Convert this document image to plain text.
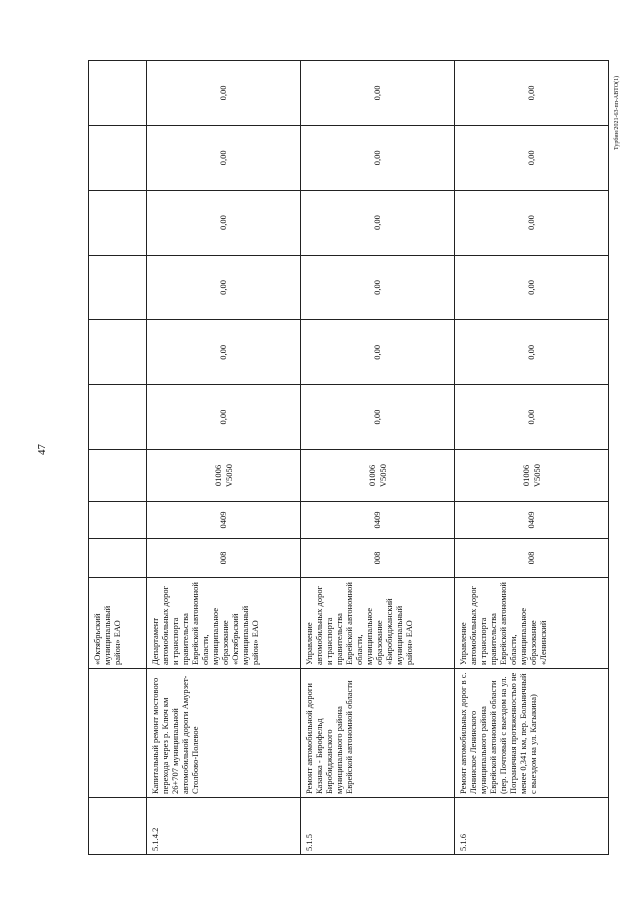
47
Турбин/2021-63-пп-АВТО(1)
		«Октябрьский муниципальный район» ЕАО									
5.1.4.2	Капитальный ремонт мостового перехода через р. Ключ км 26+707 муниципальной автомобильной дороги Амурзет-Столбово-Полевое	Департамент автомобильных дорог и транспорта правительства Еврейской автономной области, муниципальное образование «Октябрьский муниципальный район» ЕАО	008	0409	01006 V5050	0,00	0,00	0,00	0,00	0,00	0,00
5.1.5	Ремонт автомобильной дороги Казанка - Бирофельд Биробиджанского муниципального района Еврейской автономной области	Управление автомобильных дорог и транспорта правительства Еврейской автономной области, муниципальное образование «Биробиджанский муниципальный район» ЕАО	008	0409	01006 V5050	0,00	0,00	0,00	0,00	0,00	0,00
5.1.6	Ремонт автомобильных дорог в с. Ленинское Ленинского муниципального района Еврейской автономной области (пер. Почтовый с выездом на ул. Пограничная протяженностью не менее 0,341 км, пер. Больничный с выездом на ул. Кагыкина)	Управление автомобильных дорог и транспорта правительства Еврейской автономной области, муниципальное образование «Ленинский	008	0409	01006 V5050	0,00	0,00	0,00	0,00	0,00	0,00
